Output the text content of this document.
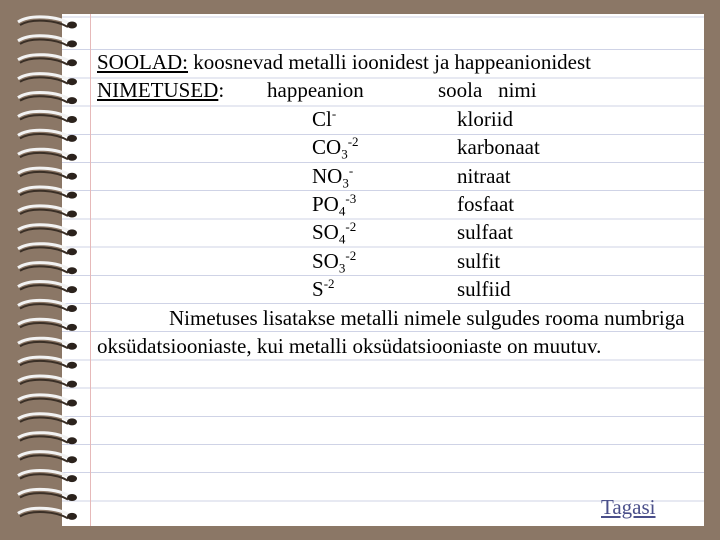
SOOLAD: koosnevad metalli ioonidest ja happeanionidest
NIMETUSED: happeanion	soola   nimi
Cl-	kloriid
$CO_3^{-2}$	karbonaat
$NO_3^-$	nitraat
$PO_4^{-3}$	fosfaat
$SO_4^{-2}$	sulfaat
$SO_3^{-2}$	sulfit
$S^{-2}$	sulfiid

Nimetuses lisatakse metalli nimele sulgudes rooma numbriga oksüdatsiooniaste, kui metalli oksüdatsiooniaste on muutuv.

Tagasi
